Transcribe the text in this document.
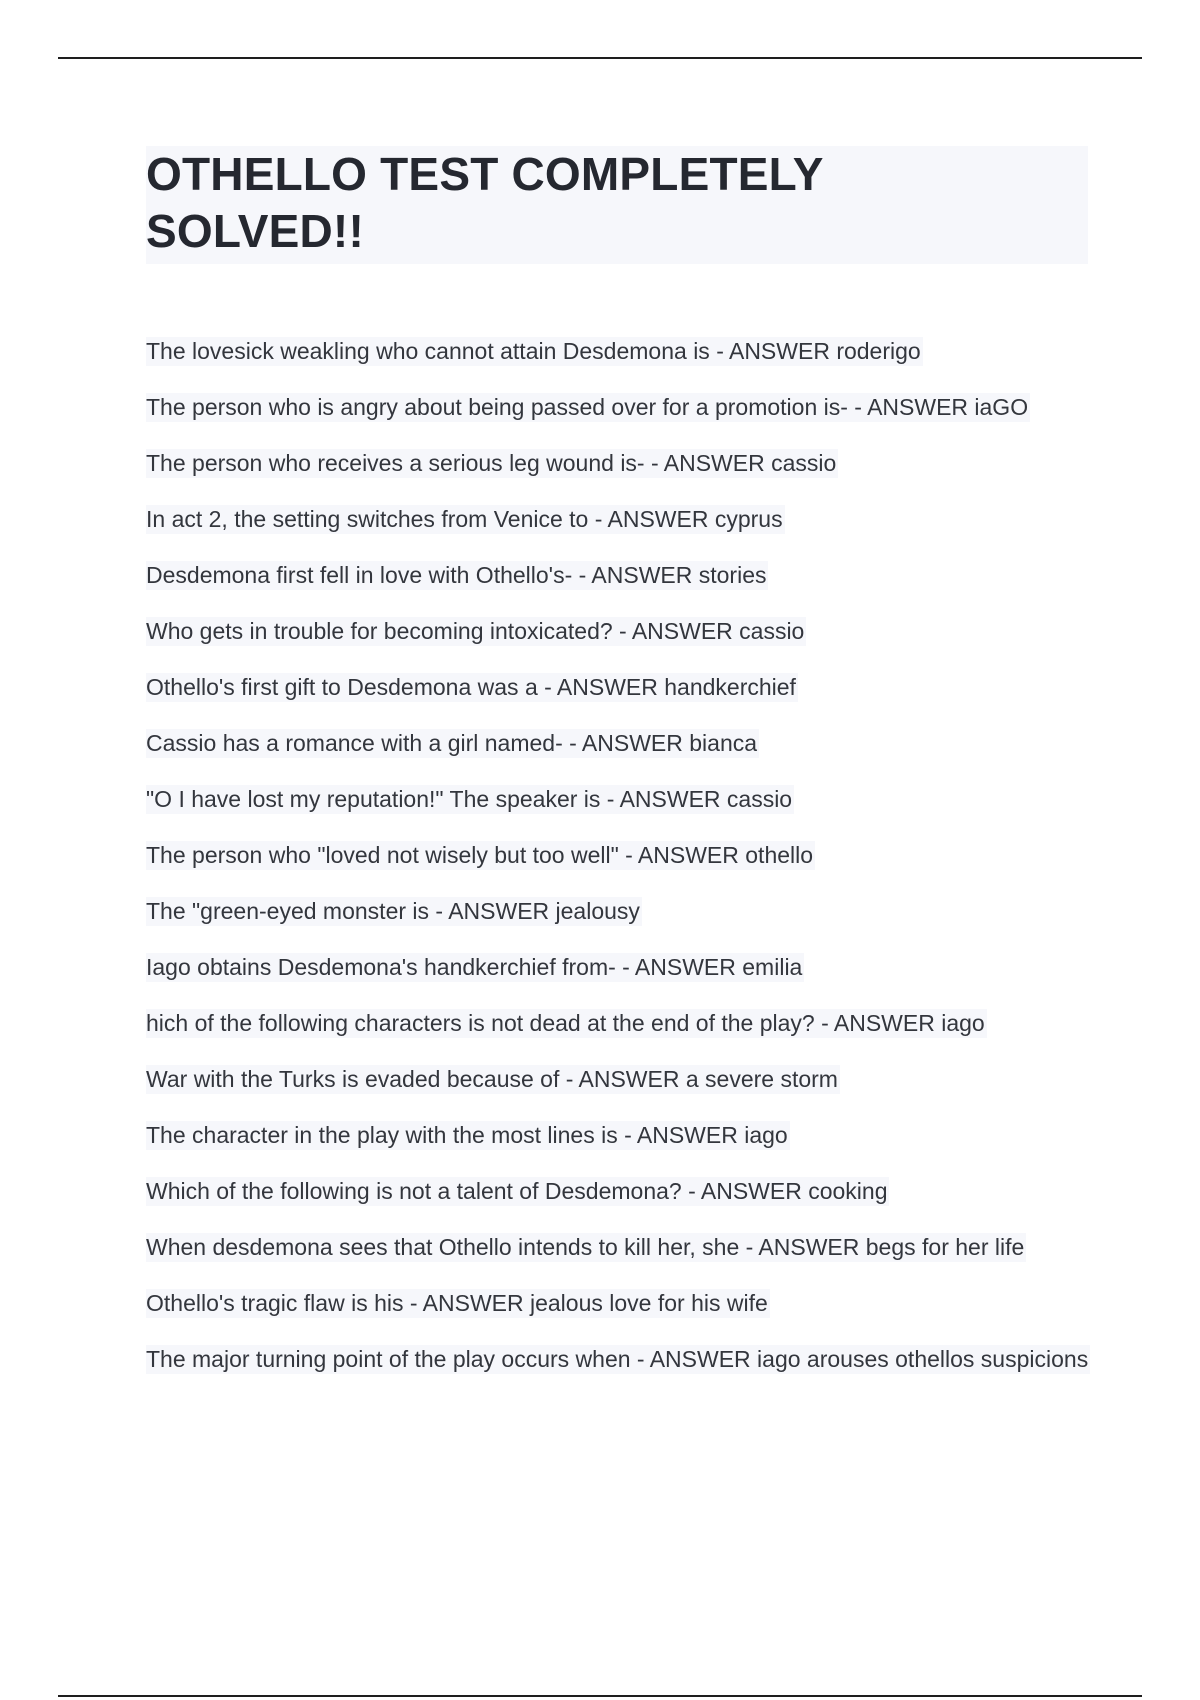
OTHELLO TEST COMPLETELY
SOLVED!!
The lovesick weakling who cannot attain Desdemona is - ANSWER roderigo
The person who is angry about being passed over for a promotion is- - ANSWER iaGO
The person who receives a serious leg wound is- - ANSWER cassio
In act 2, the setting switches from Venice to - ANSWER cyprus
Desdemona first fell in love with Othello's- - ANSWER stories
Who gets in trouble for becoming intoxicated? - ANSWER cassio
Othello's first gift to Desdemona was a - ANSWER handkerchief
Cassio has a romance with a girl named- - ANSWER bianca
"O I have lost my reputation!" The speaker is - ANSWER cassio
The person who "loved not wisely but too well" - ANSWER othello
The "green-eyed monster is - ANSWER jealousy
Iago obtains Desdemona's handkerchief from- - ANSWER emilia
hich of the following characters is not dead at the end of the play? - ANSWER iago
War with the Turks is evaded because of - ANSWER a severe storm
The character in the play with the most lines is - ANSWER iago
Which of the following is not a talent of Desdemona? - ANSWER cooking
When desdemona sees that Othello intends to kill her, she - ANSWER begs for her life
Othello's tragic flaw is his - ANSWER jealous love for his wife
The major turning point of the play occurs when - ANSWER iago arouses othellos suspicions
